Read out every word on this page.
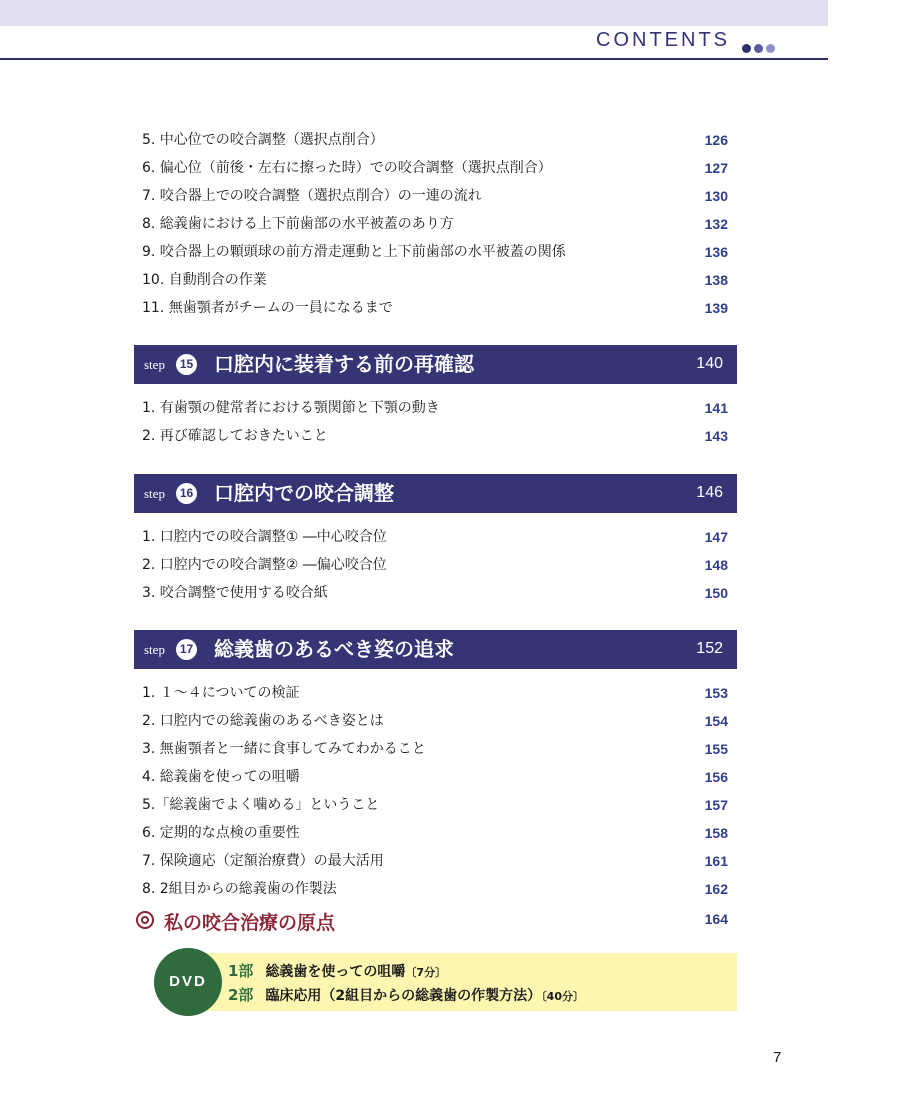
CONTENTS
5. 中心位での咬合調整（選択点削合）	126
6. 偏心位（前後・左右に擦った時）での咬合調整（選択点削合）	127
7. 咬合器上での咬合調整（選択点削合）の一連の流れ	130
8. 総義歯における上下前歯部の水平被蓋のあり方	132
9. 咬合器上の顆頭球の前方滑走運動と上下前歯部の水平被蓋の関係	136
10. 自動削合の作業	138
11. 無歯顎者がチームの一員になるまで	139
step	15 口腔内に装着する前の再確認	140
1. 有歯顎の健常者における顎関節と下顎の動き	141
2. 再び確認しておきたいこと	143
step	16 口腔内での咬合調整	146
1. 口腔内での咬合調整① ―中心咬合位	147
2. 口腔内での咬合調整② ―偏心咬合位	148
3. 咬合調整で使用する咬合紙	150
step	17 総義歯のあるべき姿の追求	152
1. １～４についての検証	153
2. 口腔内での総義歯のあるべき姿とは	154
3. 無歯顎者と一緒に食事してみてわかること	155
4. 総義歯を使っての咀嚼	156
5.「総義歯でよく噛める」ということ	157
6. 定期的な点検の重要性	158
7. 保険適応（定額治療費）の最大活用	161
8. 2組目からの総義歯の作製法	162
私の咬合治療の原点	164
DVD
1部 総義歯を使っての咀嚼〔7分〕
2部 臨床応用（2組目からの総義歯の作製方法）〔40分〕
7
